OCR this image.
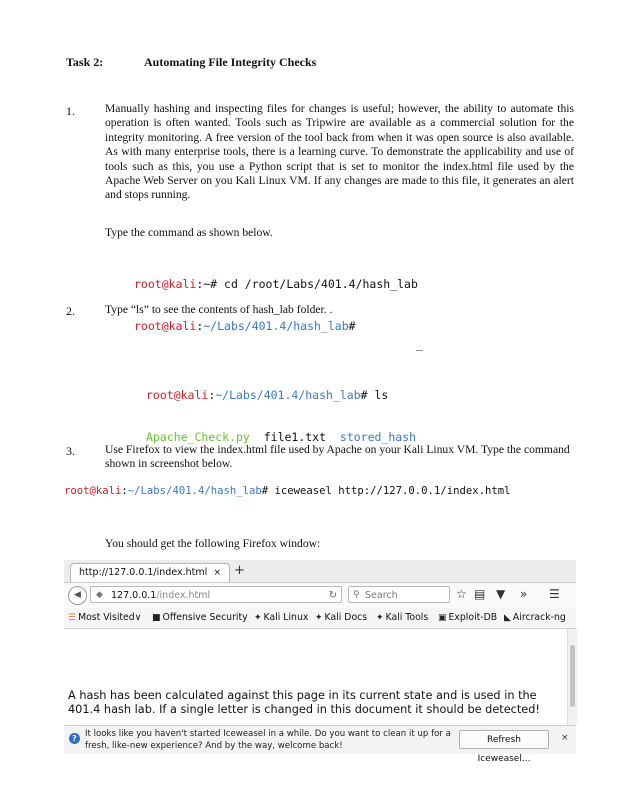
Task 2:	Automating File Integrity Checks
1.	Manually hashing and inspecting files for changes is useful; however, the ability to automate this operation is often wanted. Tools such as Tripwire are available as a commercial solution for the integrity monitoring. A free version of the tool back from when it was open source is also available. As with many enterprise tools, there is a learning curve. To demonstrate the applicability and use of tools such as this, you use a Python script that is set to monitor the index.html file used by the Apache Web Server on you Kali Linux VM. If any changes are made to this file, it generates an alert and stops running.
Type the command as shown below.

root@kali:~# cd /root/Labs/401.4/hash_lab

root@kali:~/Labs/401.4/hash_lab#

2.	Type “ls” to see the contents of hash_lab folder. .

_

root@kali:~/Labs/401.4/hash_lab# ls

Apache_Check.py file1.txt stored_hash

3.	Use Firefox to view the index.html file used by Apache on your Kali Linux VM. Type the command shown in screenshot below.
root@kali:~/Labs/401.4/hash_lab# iceweasel http://127.0.0.1/index.html
You should get the following Firefox window:
http://127.0.0.1/index.html × +
◀	◆ 127.0.0.1/index.html	↻ ⚲ Search	☆ ▤ ▼ » ☰
☰ Most Visited∨ ■ Offensive Security ✦ Kali Linux ✦ Kali Docs ✦ Kali Tools ▣ Exploit-DB ◣ Aircrack-ng
A hash has been calculated against this page in its current state and is used in the 401.4 hash lab. If a single letter is changed in this document it should be detected!
? It looks like you haven't started Iceweasel in a while. Do you want to clean it up for a fresh, like-new experience? And by the way, welcome back!
Refresh Iceweasel...
×
